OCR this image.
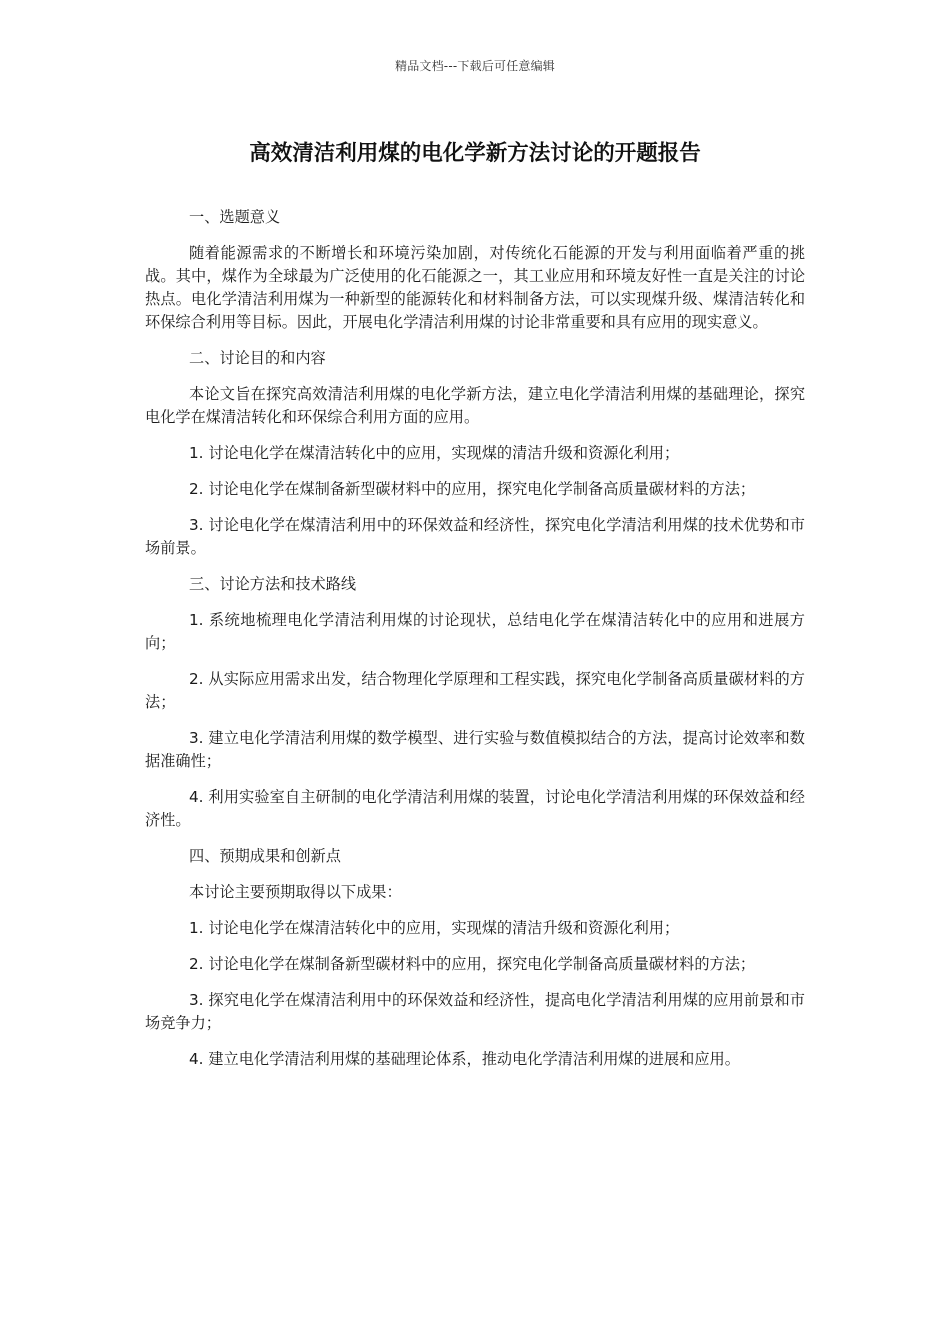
精品文档---下载后可任意编辑
高效清洁利用煤的电化学新方法讨论的开题报告

一、选题意义

随着能源需求的不断增长和环境污染加剧，对传统化石能源的开发与利用面临着严重的挑战。其中，煤作为全球最为广泛使用的化石能源之一，其工业应用和环境友好性一直是关注的讨论热点。电化学清洁利用煤为一种新型的能源转化和材料制备方法，可以实现煤升级、煤清洁转化和环保综合利用等目标。因此，开展电化学清洁利用煤的讨论非常重要和具有应用的现实意义。

二、讨论目的和内容

本论文旨在探究高效清洁利用煤的电化学新方法，建立电化学清洁利用煤的基础理论，探究电化学在煤清洁转化和环保综合利用方面的应用。

1. 讨论电化学在煤清洁转化中的应用，实现煤的清洁升级和资源化利用；

2. 讨论电化学在煤制备新型碳材料中的应用，探究电化学制备高质量碳材料的方法；

3. 讨论电化学在煤清洁利用中的环保效益和经济性，探究电化学清洁利用煤的技术优势和市场前景。

三、讨论方法和技术路线

1. 系统地梳理电化学清洁利用煤的讨论现状，总结电化学在煤清洁转化中的应用和进展方向；

2. 从实际应用需求出发，结合物理化学原理和工程实践，探究电化学制备高质量碳材料的方法；

3. 建立电化学清洁利用煤的数学模型、进行实验与数值模拟结合的方法，提高讨论效率和数据准确性；

4. 利用实验室自主研制的电化学清洁利用煤的装置，讨论电化学清洁利用煤的环保效益和经济性。

四、预期成果和创新点

本讨论主要预期取得以下成果：

1. 讨论电化学在煤清洁转化中的应用，实现煤的清洁升级和资源化利用；

2. 讨论电化学在煤制备新型碳材料中的应用，探究电化学制备高质量碳材料的方法；

3. 探究电化学在煤清洁利用中的环保效益和经济性，提高电化学清洁利用煤的应用前景和市场竞争力；

4. 建立电化学清洁利用煤的基础理论体系，推动电化学清洁利用煤的进展和应用。
